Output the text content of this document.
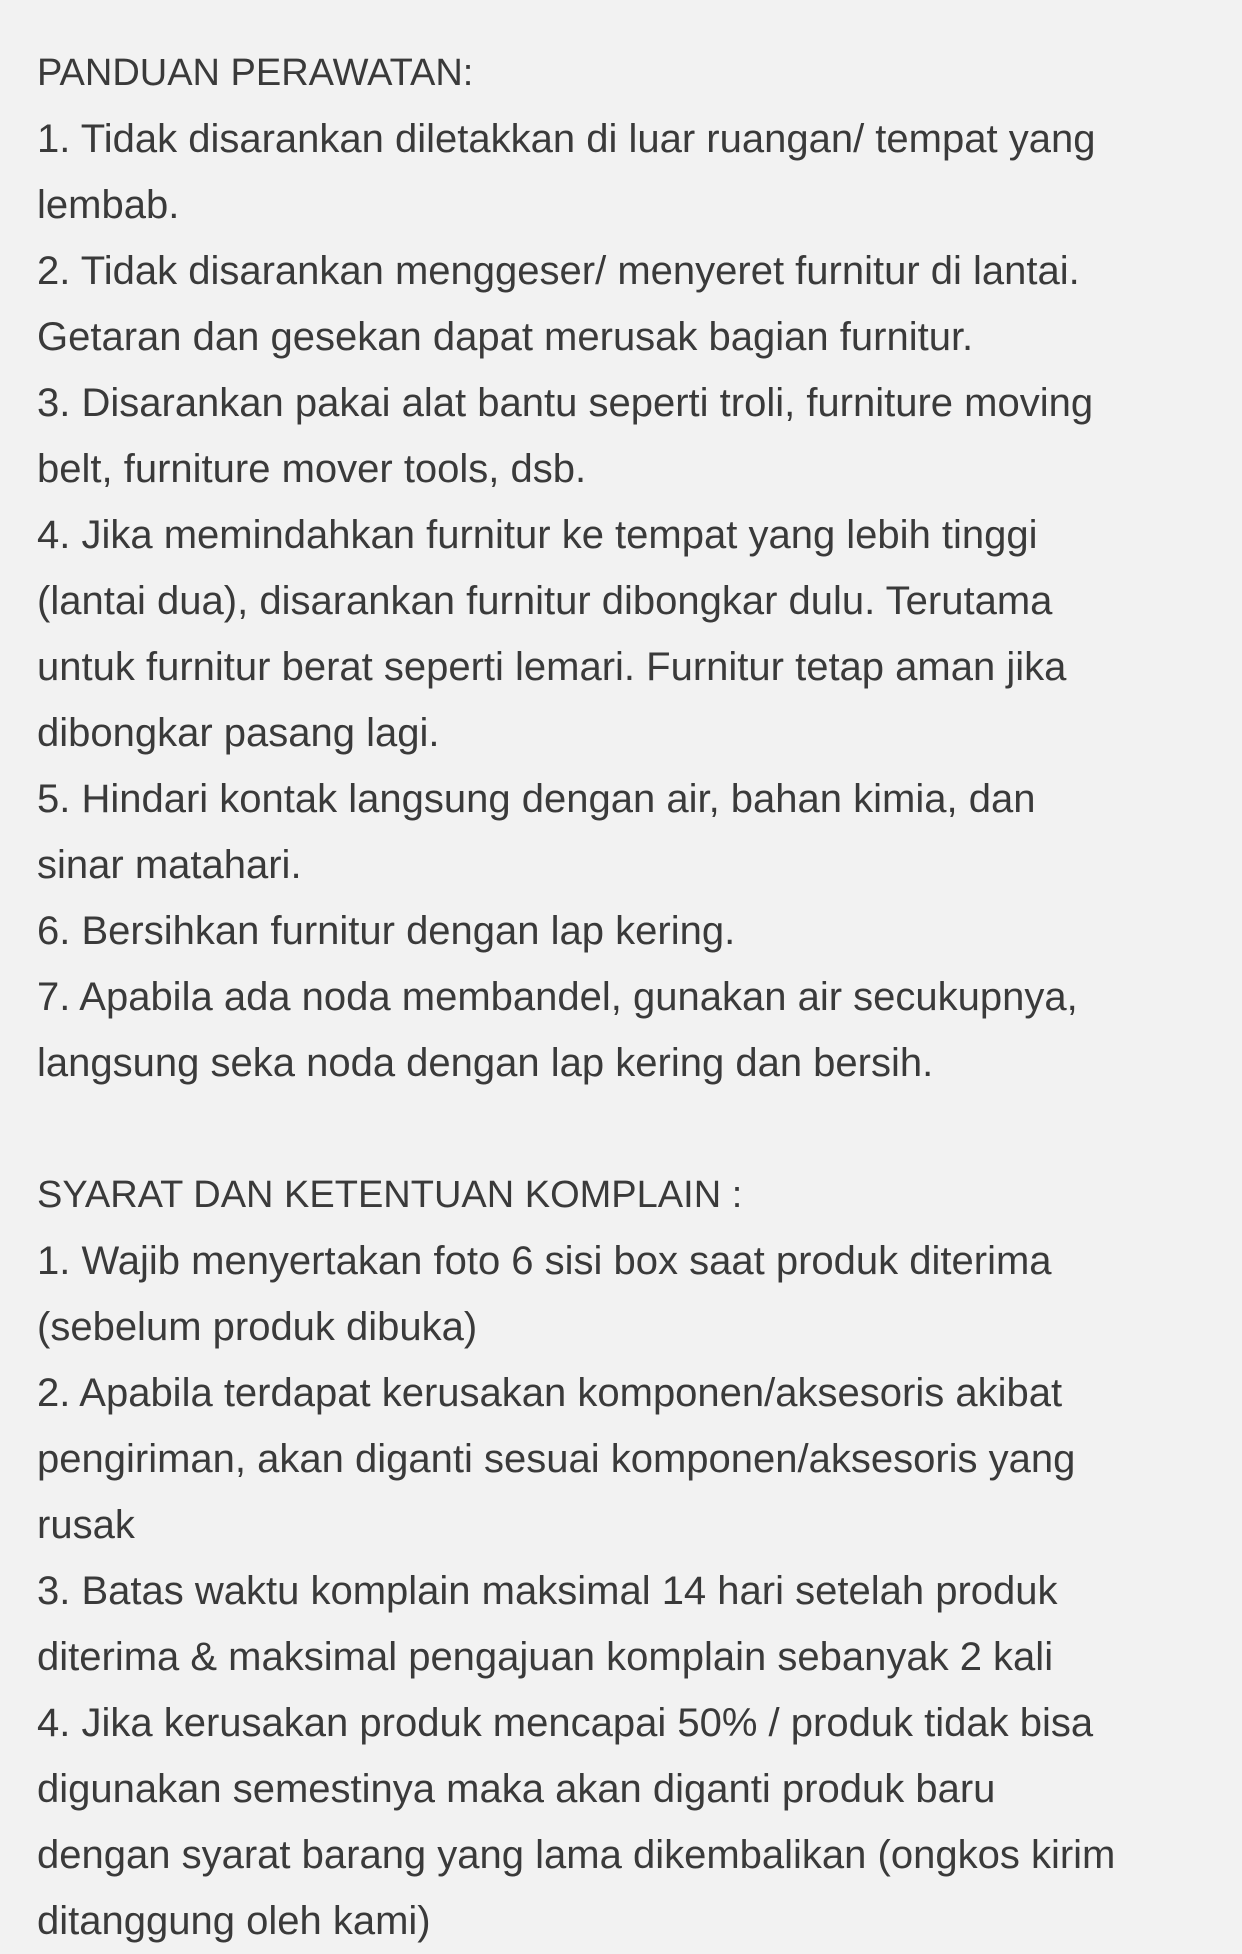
PANDUAN PERAWATAN:
1. Tidak disarankan diletakkan di luar ruangan/ tempat yang
lembab.
2. Tidak disarankan menggeser/ menyeret furnitur di lantai.
Getaran dan gesekan dapat merusak bagian furnitur.
3. Disarankan pakai alat bantu seperti troli, furniture moving
belt, furniture mover tools, dsb.
4. Jika memindahkan furnitur ke tempat yang lebih tinggi
(lantai dua), disarankan furnitur dibongkar dulu. Terutama
untuk furnitur berat seperti lemari. Furnitur tetap aman jika
dibongkar pasang lagi.
5. Hindari kontak langsung dengan air, bahan kimia, dan
sinar matahari.
6. Bersihkan furnitur dengan lap kering.
7. Apabila ada noda membandel, gunakan air secukupnya,
langsung seka noda dengan lap kering dan bersih.
SYARAT DAN KETENTUAN KOMPLAIN :
1. Wajib menyertakan foto 6 sisi box saat produk diterima
(sebelum produk dibuka)
2. Apabila terdapat kerusakan komponen/aksesoris akibat
pengiriman, akan diganti sesuai komponen/aksesoris yang
rusak
3. Batas waktu komplain maksimal 14 hari setelah produk
diterima & maksimal pengajuan komplain sebanyak 2 kali
4. Jika kerusakan produk mencapai 50% / produk tidak bisa
digunakan semestinya maka akan diganti produk baru
dengan syarat barang yang lama dikembalikan (ongkos kirim
ditanggung oleh kami)
